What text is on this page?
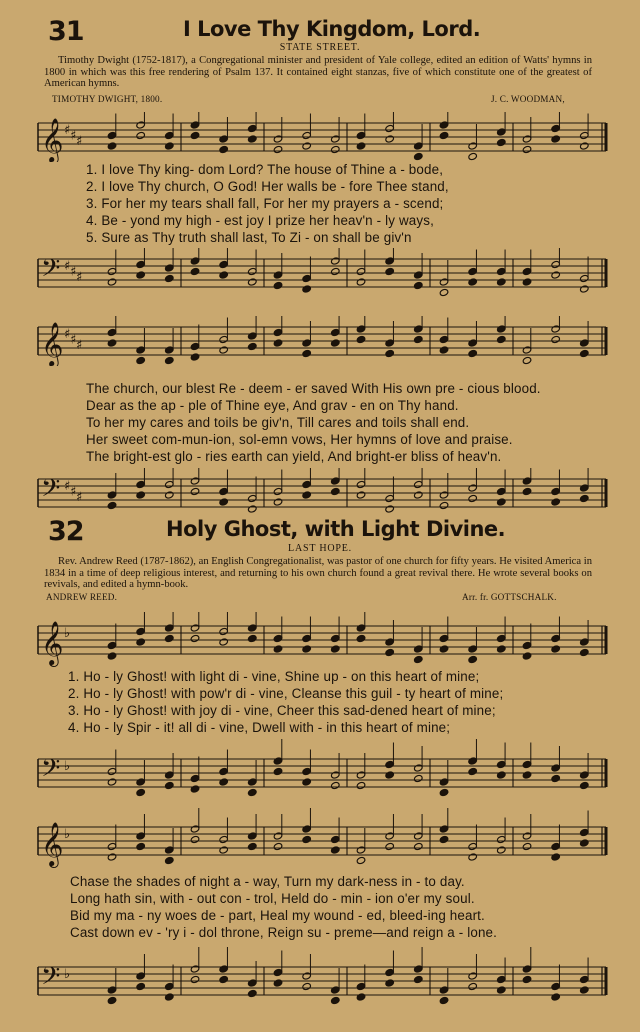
31	I Love Thy Kingdom, Lord.
STATE STREET.
Timothy Dwight (1752-1817), a Congregational minister and president of Yale college, edited an edition of Watts' hymns in 1800 in which was this free rendering of Psalm 137. It contained eight stanzas, five of which constitute one of the greatest of American hymns.
TIMOTHY DWIGHT, 1800.	J. C. WOODMAN,
𝄞 ♯ ♯ ♯
1. I love Thy king- dom Lord? The house of Thine a - bode,
2. I love Thy church, O God! Her walls be - fore Thee stand,
3. For her my tears shall fall, For her my prayers a - scend;
4. Be - yond my high - est joy I prize her heav'n - ly ways,
5. Sure as Thy truth shall last, To Zi - on shall be giv'n
𝄢 ♯ ♯ ♯
𝄞 ♯ ♯ ♯
The church, our blest Re - deem - er saved With His own pre - cious blood.
Dear as the ap - ple of Thine eye, And grav - en on Thy hand.
To her my cares and toils be giv'n, Till cares and toils shall end.
Her sweet com-mun-ion, sol-emn vows, Her hymns of love and praise.
The bright-est glo - ries earth can yield, And bright-er bliss of heav'n.
𝄢 ♯ ♯ ♯
32	Holy Ghost, with Light Divine.
LAST HOPE.
Rev. Andrew Reed (1787-1862), an English Congregationalist, was pastor of one church for fifty years. He visited America in 1834 in a time of deep religious interest, and returning to his own church found a great revival there. He wrote several books on revivals, and edited a hymn-book.
ANDREW REED.	Arr. fr. GOTTSCHALK.
𝄞 ♭
1. Ho - ly Ghost! with light di - vine, Shine up - on this heart of mine;
2. Ho - ly Ghost! with pow'r di - vine, Cleanse this guil - ty heart of mine;
3. Ho - ly Ghost! with joy di - vine, Cheer this sad-dened heart of mine;
4. Ho - ly Spir - it! all di - vine, Dwell with - in this heart of mine;
𝄢 ♭
𝄞 ♭
Chase the shades of night a - way, Turn my dark-ness in - to day.
Long hath sin, with - out con - trol, Held do - min - ion o'er my soul.
Bid my ma - ny woes de - part, Heal my wound - ed, bleed-ing heart.
Cast down ev - 'ry i - dol throne, Reign su - preme—and reign a - lone.
𝄢 ♭
